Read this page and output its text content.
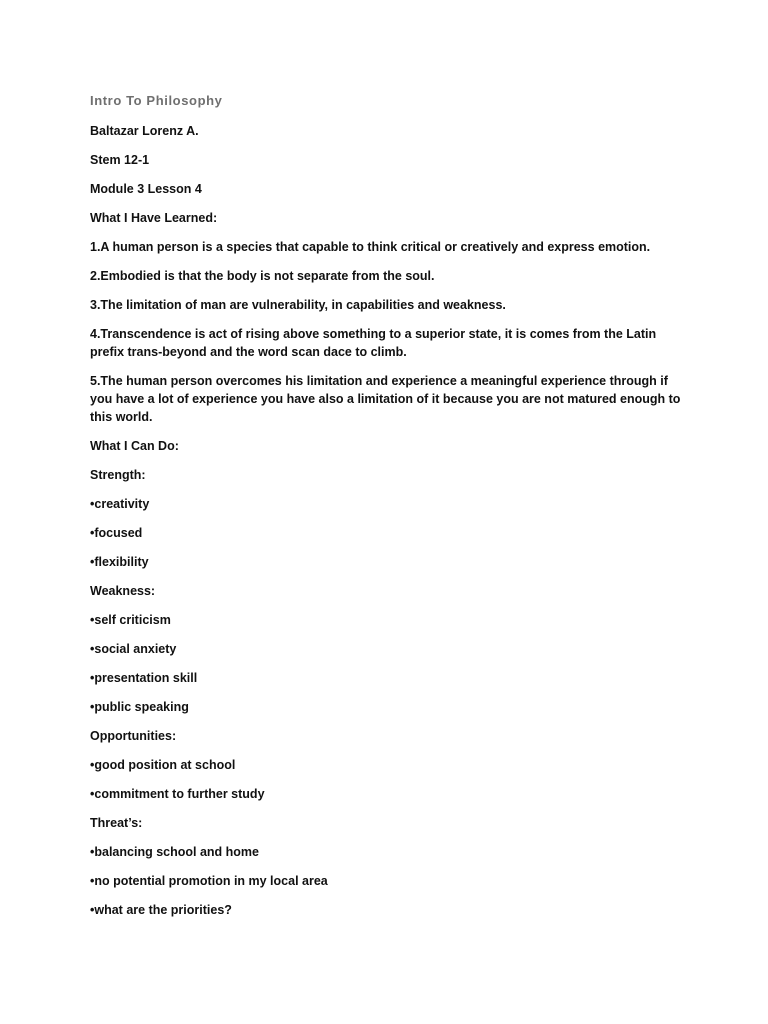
Intro To Philosophy
Baltazar Lorenz A.
Stem 12-1
Module 3 Lesson 4
What I Have Learned:
1.A human person is a species that capable to think critical or creatively and express emotion.
2.Embodied is that the body is not separate from the soul.
3.The limitation of man are vulnerability, in capabilities and weakness.
4.Transcendence is act of rising above something to a superior state, it is comes from the Latin prefix trans-beyond and the word scan dace to climb.
5.The human person overcomes his limitation and experience a meaningful experience through if you have a lot of experience you have also a limitation of it because you are not matured enough to this world.
What I Can Do:
Strength:
•creativity
•focused
•flexibility
Weakness:
•self criticism
•social anxiety
•presentation skill
•public speaking
Opportunities:
•good position at school
•commitment to further study
Threat’s:
•balancing school and home
•no potential promotion in my local area
•what are the priorities?
